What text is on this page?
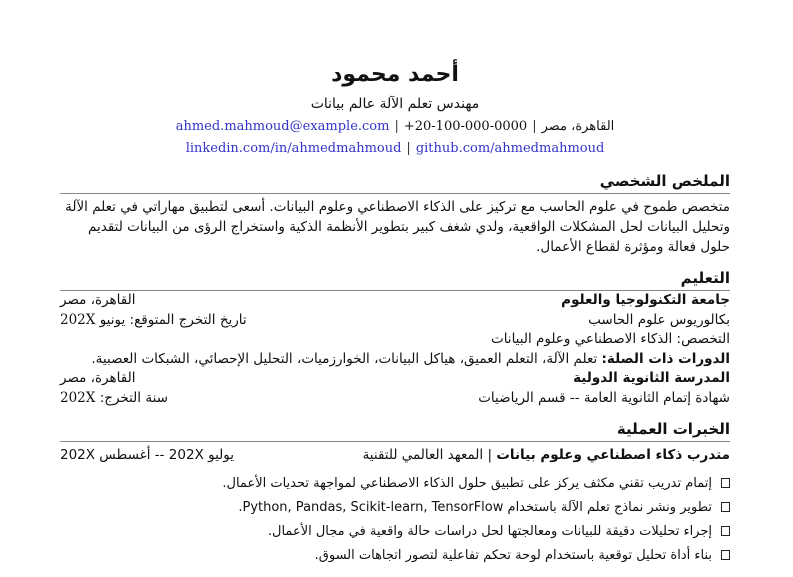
أحمد محمود
مهندس تعلم الآلة عالم بيانات
القاهرة، مصر|ahmed.mahmoud@example.com | +20-100-000-0000
linkedin.com/in/ahmedmahmoud | github.com/ahmedmahmoud
الملخص الشخصي
متخصص طموح في علوم الحاسب مع تركيز على الذكاء الاصطناعي وعلوم البيانات. أسعى لتطبيق مهاراتي في تعلم الآلة وتحليل البيانات لحل المشكلات الواقعية، ولدي شغف كبير بتطوير الأنظمة الذكية واستخراج الرؤى من البيانات لتقديم حلول فعالة ومؤثرة لقطاع الأعمال.
التعليم
جامعة التكنولوجيا والعلوم
القاهرة، مصر
بكالوريوس علوم الحاسب
تاريخ التخرج المتوقع: يونيو 202X
التخصص: الذكاء الاصطناعي وعلوم البيانات
الدورات ذات الصلة: تعلم الآلة، التعلم العميق، هياكل البيانات، الخوارزميات، التحليل الإحصائي، الشبكات العصبية.
المدرسة الثانوية الدولية
القاهرة، مصر
شهادة إتمام الثانوية العامة -- قسم الرياضيات
سنة التخرج: 202X
الخبرات العملية
متدرب ذكاء اصطناعي وعلوم بيانات | المعهد العالمي للتقنية
يوليو 202X -- أغسطس 202X
إتمام تدريب تقني مكثف يركز على تطبيق حلول الذكاء الاصطناعي لمواجهة تحديات الأعمال.
تطوير ونشر نماذج تعلم الآلة باستخدام Python, Pandas, Scikit-learn, TensorFlow.
إجراء تحليلات دقيقة للبيانات ومعالجتها لحل دراسات حالة واقعية في مجال الأعمال.
بناء أداة تحليل توقعية باستخدام لوحة تحكم تفاعلية لتصور اتجاهات السوق.
